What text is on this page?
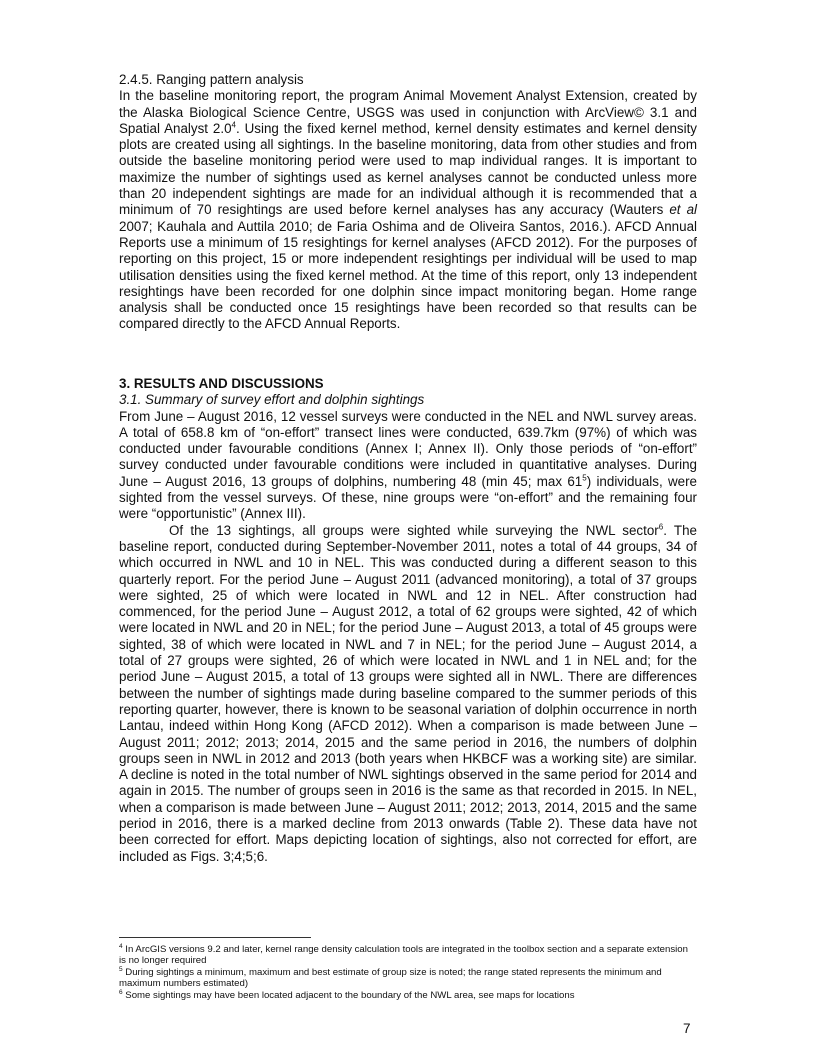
2.4.5. Ranging pattern analysis

In the baseline monitoring report, the program Animal Movement Analyst Extension, created by the Alaska Biological Science Centre, USGS was used in conjunction with ArcView© 3.1 and Spatial Analyst $2.0^4$. Using the fixed kernel method, kernel density estimates and kernel density plots are created using all sightings. In the baseline monitoring, data from other studies and from outside the baseline monitoring period were used to map individual ranges. It is important to maximize the number of sightings used as kernel analyses cannot be conducted unless more than 20 independent sightings are made for an individual although it is recommended that a minimum of 70 resightings are used before kernel analyses has any accuracy (Wauters et al 2007; Kauhala and Auttila 2010; de Faria Oshima and de Oliveira Santos, 2016.). AFCD Annual Reports use a minimum of 15 resightings for kernel analyses (AFCD 2012). For the purposes of reporting on this project, 15 or more independent resightings per individual will be used to map utilisation densities using the fixed kernel method. At the time of this report, only 13 independent resightings have been recorded for one dolphin since impact monitoring began. Home range analysis shall be conducted once 15 resightings have been recorded so that results can be compared directly to the AFCD Annual Reports.

3. RESULTS AND DISCUSSIONS

3.1. Summary of survey effort and dolphin sightings

From June – August 2016, 12 vessel surveys were conducted in the NEL and NWL survey areas. A total of 658.8 km of “on-effort” transect lines were conducted, 639.7km (97%) of which was conducted under favourable conditions (Annex I; Annex II). Only those periods of “on-effort” survey conducted under favourable conditions were included in quantitative analyses. During June – August 2016, 13 groups of dolphins, numbering 48 (min 45; $\max 61^5$) individuals, were sighted from the vessel surveys. Of these, nine groups were “on-effort” and the remaining four were “opportunistic” (Annex III).

Of the 13 sightings, all groups were sighted while surveying the NWL sector$^6$. The baseline report, conducted during September-November 2011, notes a total of 44 groups, 34 of which occurred in NWL and 10 in NEL. This was conducted during a different season to this quarterly report. For the period June – August 2011 (advanced monitoring), a total of 37 groups were sighted, 25 of which were located in NWL and 12 in NEL. After construction had commenced, for the period June – August 2012, a total of 62 groups were sighted, 42 of which were located in NWL and 20 in NEL; for the period June – August 2013, a total of 45 groups were sighted, 38 of which were located in NWL and 7 in NEL; for the period June – August 2014, a total of 27 groups were sighted, 26 of which were located in NWL and 1 in NEL and; for the period June – August 2015, a total of 13 groups were sighted all in NWL. There are differences between the number of sightings made during baseline compared to the summer periods of this reporting quarter, however, there is known to be seasonal variation of dolphin occurrence in north Lantau, indeed within Hong Kong (AFCD 2012). When a comparison is made between June – August 2011; 2012; 2013; 2014, 2015 and the same period in 2016, the numbers of dolphin groups seen in NWL in 2012 and 2013 (both years when HKBCF was a working site) are similar. A decline is noted in the total number of NWL sightings observed in the same period for 2014 and again in 2015. The number of groups seen in 2016 is the same as that recorded in 2015. In NEL, when a comparison is made between June – August 2011; 2012; 2013, 2014, 2015 and the same period in 2016, there is a marked decline from 2013 onwards (Table 2). These data have not been corrected for effort. Maps depicting location of sightings, also not corrected for effort, are included as Figs. 3;4;5;6.

$^4$ In ArcGIS versions 9.2 and later, kernel range density calculation tools are integrated in the toolbox section and a separate extension is no longer required

$^5$ During sightings a minimum, maximum and best estimate of group size is noted; the range stated represents the minimum and maximum numbers estimated)

$^6$ Some sightings may have been located adjacent to the boundary of the NWL area, see maps for locations

7
